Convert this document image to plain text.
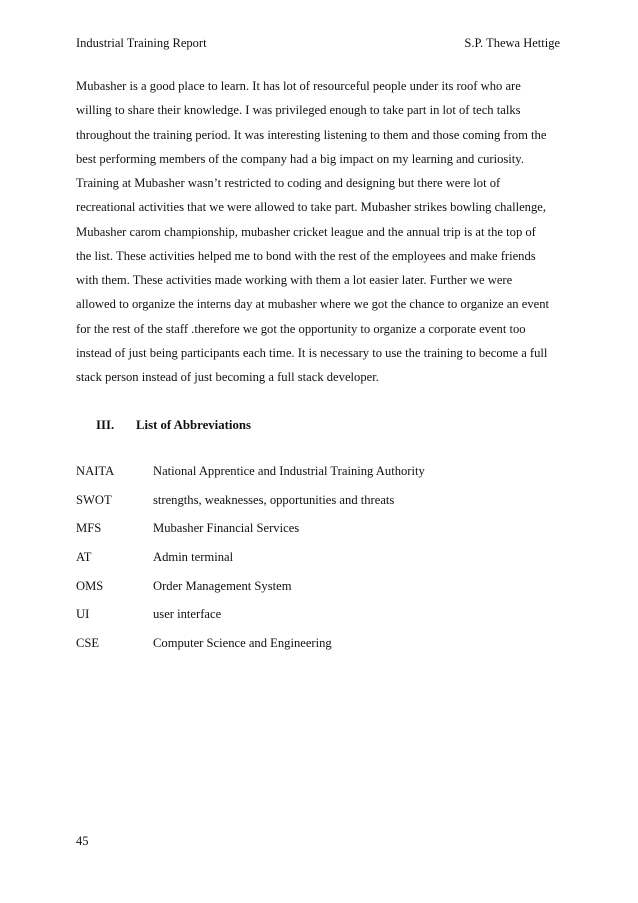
Industrial Training Report	S.P. Thewa Hettige

Mubasher is a good place to learn. It has lot of resourceful people under its roof who are
willing to share their knowledge. I was privileged enough to take part in lot of tech talks
throughout the training period. It was interesting listening to them and those coming from the
best performing members of the company had a big impact on my learning and curiosity.

Training at Mubasher wasn’t restricted to coding and designing but there were lot of
recreational activities that we were allowed to take part. Mubasher strikes bowling challenge,
Mubasher carom championship, mubasher cricket league and the annual trip is at the top of
the list. These activities helped me to bond with the rest of the employees and make friends
with them. These activities made working with them a lot easier later. Further we were
allowed to organize the interns day at mubasher where we got the chance to organize an event
for the rest of the staff .therefore we got the opportunity to organize a corporate event too
instead of just being participants each time. It is necessary to use the training to become a full
stack person instead of just becoming a full stack developer.

III. List of Abbreviations
NAITA	National Apprentice and Industrial Training Authority
SWOT	strengths, weaknesses, opportunities and threats
MFS	Mubasher Financial Services
AT	Admin terminal
OMS	Order Management System
UI	user interface
CSE	Computer Science and Engineering
45
